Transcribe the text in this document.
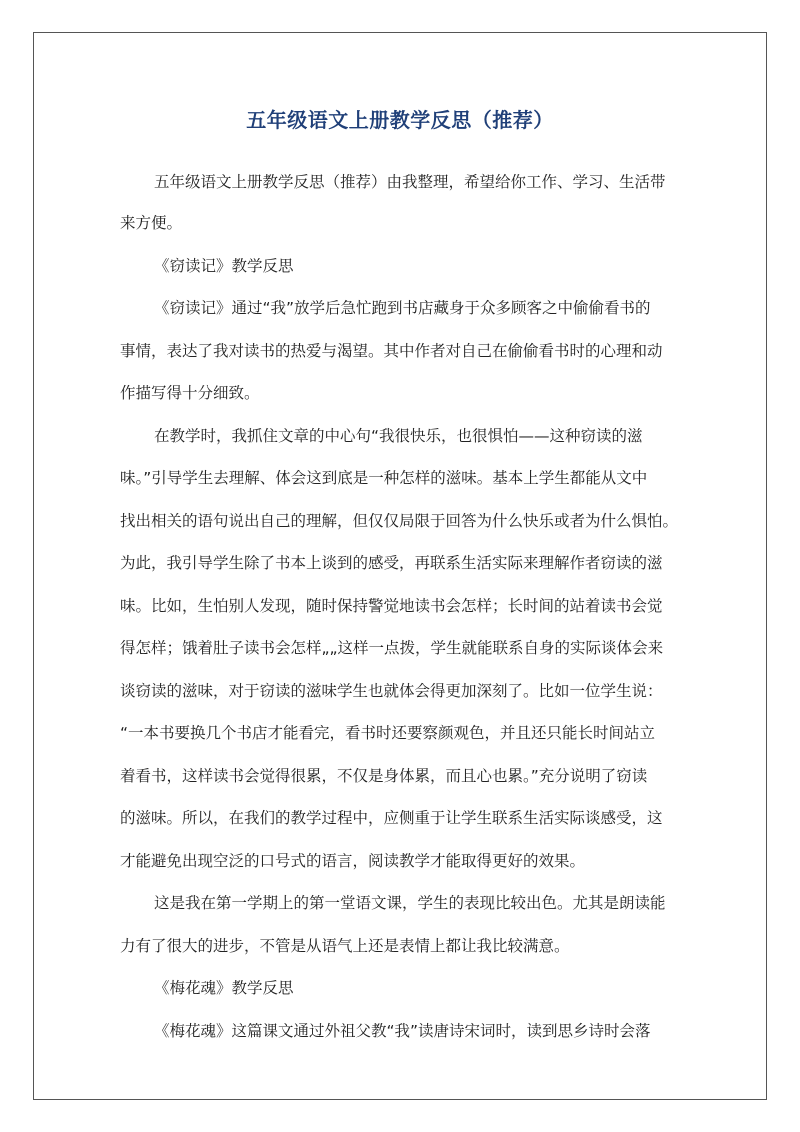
五年级语文上册教学反思（推荐）
五年级语文上册教学反思（推荐）由我整理，希望给你工作、学习、生活带
来方便。
《窃读记》教学反思
《窃读记》通过“我”放学后急忙跑到书店藏身于众多顾客之中偷偷看书的
事情，表达了我对读书的热爱与渴望。其中作者对自己在偷偷看书时的心理和动
作描写得十分细致。
在教学时，我抓住文章的中心句“我很快乐，也很惧怕——这种窃读的滋
味。”引导学生去理解、体会这到底是一种怎样的滋味。基本上学生都能从文中
找出相关的语句说出自己的理解，但仅仅局限于回答为什么快乐或者为什么惧怕。
为此，我引导学生除了书本上谈到的感受，再联系生活实际来理解作者窃读的滋
味。比如，生怕别人发现，随时保持警觉地读书会怎样；长时间的站着读书会觉
得怎样；饿着肚子读书会怎样„„这样一点拨，学生就能联系自身的实际谈体会来
谈窃读的滋味，对于窃读的滋味学生也就体会得更加深刻了。比如一位学生说：
“一本书要换几个书店才能看完，看书时还要察颜观色，并且还只能长时间站立
着看书，这样读书会觉得很累，不仅是身体累，而且心也累。”充分说明了窃读
的滋味。所以，在我们的教学过程中，应侧重于让学生联系生活实际谈感受，这
才能避免出现空泛的口号式的语言，阅读教学才能取得更好的效果。
这是我在第一学期上的第一堂语文课，学生的表现比较出色。尤其是朗读能
力有了很大的进步，不管是从语气上还是表情上都让我比较满意。
《梅花魂》教学反思
《梅花魂》这篇课文通过外祖父教“我”读唐诗宋词时，读到思乡诗时会落
